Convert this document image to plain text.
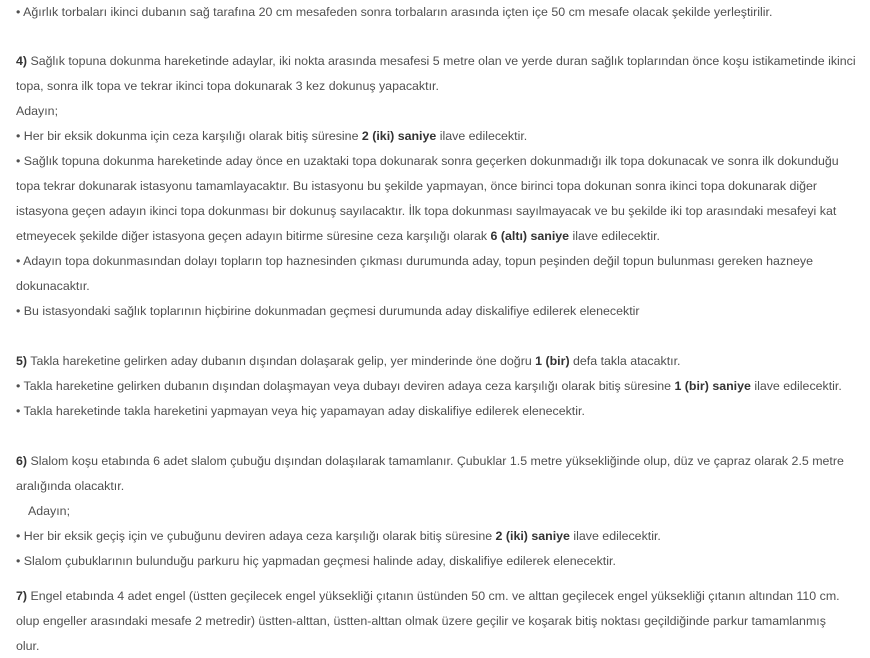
• Ağırlık torbaları ikinci dubanın sağ tarafına 20 cm mesafeden sonra torbaların arasında içten içe 50 cm mesafe olacak şekilde yerleştirilir.
4) Sağlık topuna dokunma hareketinde adaylar, iki nokta arasında mesafesi 5 metre olan ve yerde duran sağlık toplarından önce koşu istikametinde ikinci
topa, sonra ilk topa ve tekrar ikinci topa dokunarak 3 kez dokunuş yapacaktır.
Adayın;
• Her bir eksik dokunma için ceza karşılığı olarak bitiş süresine 2 (iki) saniye ilave edilecektir.
• Sağlık topuna dokunma hareketinde aday önce en uzaktaki topa dokunarak sonra geçerken dokunmadığı ilk topa dokunacak ve sonra ilk dokunduğu
topa tekrar dokunarak istasyonu tamamlayacaktır. Bu istasyonu bu şekilde yapmayan, önce birinci topa dokunan sonra ikinci topa dokunarak diğer
istasyona geçen adayın ikinci topa dokunması bir dokunuş sayılacaktır. İlk topa dokunması sayılmayacak ve bu şekilde iki top arasındaki mesafeyi kat
etmeyecek şekilde diğer istasyona geçen adayın bitirme süresine ceza karşılığı olarak 6 (altı) saniye ilave edilecektir.
• Adayın topa dokunmasından dolayı topların top haznesinden çıkması durumunda aday, topun peşinden değil topun bulunması gereken hazneye
dokunacaktır.
• Bu istasyondaki sağlık toplarının hiçbirine dokunmadan geçmesi durumunda aday diskalifiye edilerek elenecektir
5) Takla hareketine gelirken aday dubanın dışından dolaşarak gelip, yer minderinde öne doğru 1 (bir) defa takla atacaktır.
• Takla hareketine gelirken dubanın dışından dolaşmayan veya dubayı deviren adaya ceza karşılığı olarak bitiş süresine 1 (bir) saniye ilave edilecektir.
• Takla hareketinde takla hareketini yapmayan veya hiç yapamayan aday diskalifiye edilerek elenecektir.
6) Slalom koşu etabında 6 adet slalom çubuğu dışından dolaşılarak tamamlanır. Çubuklar 1.5 metre yüksekliğinde olup, düz ve çapraz olarak 2.5 metre
aralığında olacaktır.
Adayın;
• Her bir eksik geçiş için ve çubuğunu deviren adaya ceza karşılığı olarak bitiş süresine 2 (iki) saniye ilave edilecektir.
• Slalom çubuklarının bulunduğu parkuru hiç yapmadan geçmesi halinde aday, diskalifiye edilerek elenecektir.
7) Engel etabında 4 adet engel (üstten geçilecek engel yüksekliği çıtanın üstünden 50 cm. ve alttan geçilecek engel yüksekliği çıtanın altından 110 cm.
olup engeller arasındaki mesafe 2 metredir) üstten-alttan, üstten-alttan olmak üzere geçilir ve koşarak bitiş noktası geçildiğinde parkur tamamlanmış
olur.
